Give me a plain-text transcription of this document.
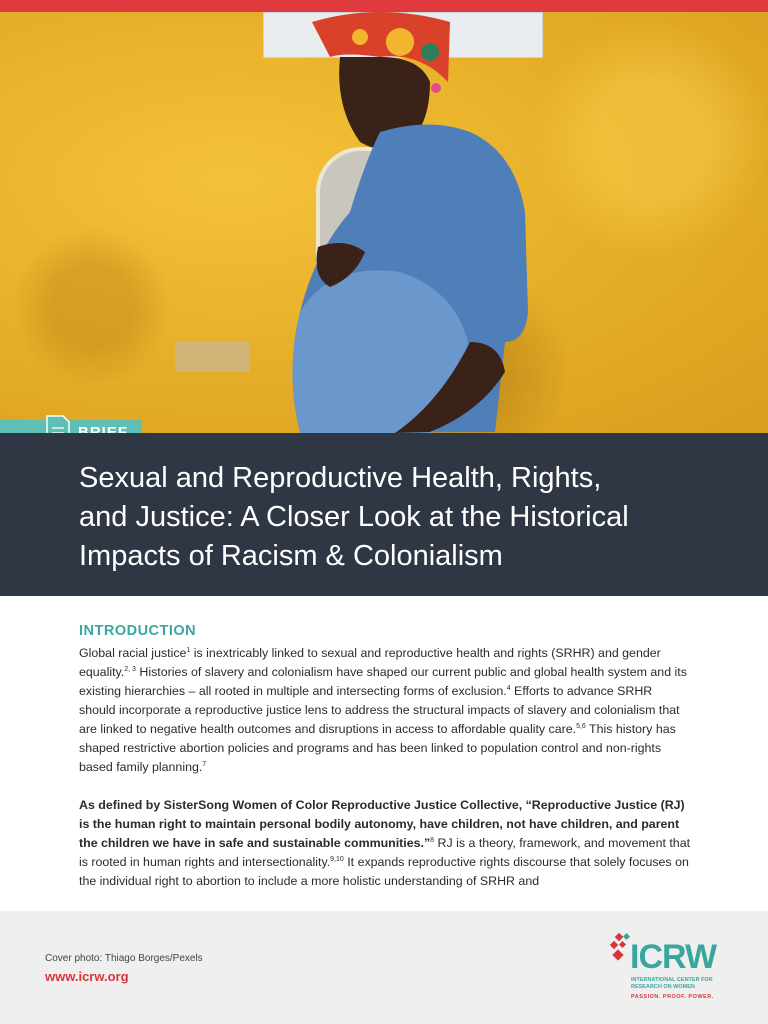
Sexual and Reproductive Health, Rights,
and Justice: A Closer Look at the Historical
Impacts of Racism & Colonialism
INTRODUCTION

Global racial justice$^1$ is inextricably linked to sexual and reproductive health and rights (SRHR) and gender equality.$^{2, 3}$ Histories of slavery and colonialism have shaped our current public and global health system and its existing hierarchies – all rooted in multiple and intersecting forms of exclusion.$^4$ Efforts to advance SRHR should incorporate a reproductive justice lens to address the structural impacts of slavery and colonialism that are linked to negative health outcomes and disruptions in access to affordable quality care.$^{5,6}$ This history has shaped restrictive abortion policies and programs and has been linked to population control and non-rights based family planning.$^7$

As defined by SisterSong Women of Color Reproductive Justice Collective, “Reproductive Justice (RJ) is the human right to maintain personal bodily autonomy, have children, not have children, and parent the children we have in safe and sustainable communities.”$^8$ RJ is a theory, framework, and movement that is rooted in human rights and intersectionality.$^{9,10}$ It expands reproductive rights discourse that solely focuses on the individual right to abortion to include a more holistic understanding of SRHR and

Cover photo: Thiago Borges/Pexels
www.icrw.org
ICRW
INTERNATIONAL CENTER FOR RESEARCH ON WOMEN
PASSION. PROOF. POWER.
